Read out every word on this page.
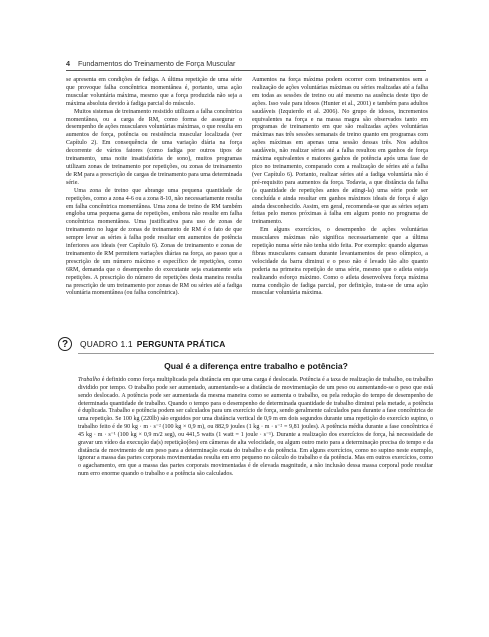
4 Fundamentos do Treinamento de Força Muscular

se apresenta em condições de fadiga. A última repetição de uma série que provoque falha concêntrica momentânea é, portanto, uma ação muscular voluntária máxima, mesmo que a força produzida não seja a máxima absoluta devido à fadiga parcial do músculo.

Muitos sistemas de treinamento resistido utilizam a falha concêntrica momentânea, ou a carga de RM, como forma de assegurar o desempenho de ações musculares voluntárias máximas, o que resulta em aumentos de força, potência ou resistência muscular localizada (ver Capítulo 2). Em consequência de uma variação diária na força decorrente de vários fatores (como fadiga por outros tipos de treinamento, uma noite insatisfatória de sono), muitos programas utilizam zonas de treinamento por repetições, ou zonas de treinamento de RM para a prescrição de cargas de treinamento para uma determinada série.

Uma zona de treino que abrange uma pequena quantidade de repetições, como a zona 4-6 ou a zona 8-10, não necessariamente resulta em falha concêntrica momentânea. Uma zona de treino de RM também engloba uma pequena gama de repetições, embora não resulte em falha concêntrica momentânea. Uma justificativa para uso de zonas de treinamento no lugar de zonas de treinamento de RM é o fato de que sempre levar as séries à falha pode resultar em aumentos de potência inferiores aos ideais (ver Capítulo 6). Zonas de treinamento e zonas de treinamento de RM permitem variações diárias na força, ao passo que a prescrição de um número máximo e específico de repetições, como 6RM, demanda que o desempenho do executante seja exatamente seis repetições. A prescrição do número de repetições desta maneira resulta na prescrição de um treinamento por zonas de RM ou séries até a fadiga voluntária momentânea (ou falha concêntrica).

Aumentos na força máxima podem ocorrer com treinamentos sem a realização de ações voluntárias máximas ou séries realizadas até a falha em todas as sessões de treino ou até mesmo na ausência deste tipo de ações. Isso vale para idosos (Hunter et al., 2001) e também para adultos saudáveis (Izquierdo et al. 2006). No grupo de idosos, incrementos equivalentes na força e na massa magra são observados tanto em programas de treinamento em que são realizadas ações voluntárias máximas nas três sessões semanais de treino quanto em programas com ações máximas em apenas uma sessão dessas três. Nos adultos saudáveis, não realizar séries até a falha resultou em ganhos de força máxima equivalentes e maiores ganhos de potência após uma fase de pico no treinamento, comparado com a realização de séries até a falha (ver Capítulo 6). Portanto, realizar séries até a fadiga voluntária não é pré-requisito para aumentos da força. Todavia, a que distância da falha (a quantidade de repetições antes de atingi-la) uma série pode ser concluída e ainda resultar em ganhos máximos ideais de força é algo ainda desconhecido. Assim, em geral, recomenda-se que as séries sejam feitas pelo menos próximas à falha em algum ponto no programa de treinamento.

Em alguns exercícios, o desempenho de ações voluntárias musculares máximas não significa necessariamente que a última repetição numa série não tenha sido feita. Por exemplo: quando algumas fibras musculares cansam durante levantamentos de peso olímpico, a velocidade da barra diminui e o peso não é levado tão alto quanto poderia na primeira repetição de uma série, mesmo que o atleta esteja realizando esforço máximo. Como o atleta desenvolveu força máxima numa condição de fadiga parcial, por definição, trata-se de uma ação muscular voluntária máxima.

?	QUADRO 1.1 PERGUNTA PRÁTICA
Qual é a diferença entre trabalho e potência?

Trabalho é definido como força multiplicada pela distância em que uma carga é deslocada. Potência é a taxa de realização de trabalho, ou trabalho dividido por tempo. O trabalho pode ser aumentado, aumentando-se a distância de movimentação de um peso ou aumentando-se o peso que está sendo deslocado. A potência pode ser aumentada da mesma maneira como se aumenta o trabalho, ou pela redução do tempo de desempenho de determinada quantidade de trabalho. Quando o tempo para o desempenho de determinada quantidade de trabalho diminui pela metade, a potência é duplicada. Trabalho e potência podem ser calculados para um exercício de força, sendo geralmente calculados para durante a fase concêntrica de uma repetição. Se 100 kg (220lb) são erguidos por uma distância vertical de 0,9 m em dois segundos durante uma repetição do exercício supino, o trabalho feito é de 90 kg · m · s⁻² (100 kg × 0,9 m), ou 882,9 joules (1 kg · m · s⁻² = 9,81 joules). A potência média durante a fase concêntrica é 45 kg · m · s⁻¹ (100 kg × 0,9 m/2 seg), ou 441,5 watts (1 watt = 1 joule · s⁻¹). Durante a realização dos exercícios de força, há necessidade de gravar um vídeo da execução da(s) repetição(ões) em câmeras de alta velocidade, ou algum outro meio para a determinação precisa do tempo e da distância de movimento de um peso para a determinação exata do trabalho e da potência. Em alguns exercícios, como no supino neste exemplo, ignorar a massa das partes corporais movimentadas resulta em erro pequeno no cálculo do trabalho e da potência. Mas em outros exercícios, como o agachamento, em que a massa das partes corporais movimentadas é de elevada magnitude, a não inclusão dessa massa corporal pode resultar num erro enorme quando o trabalho e a potência são calculados.
